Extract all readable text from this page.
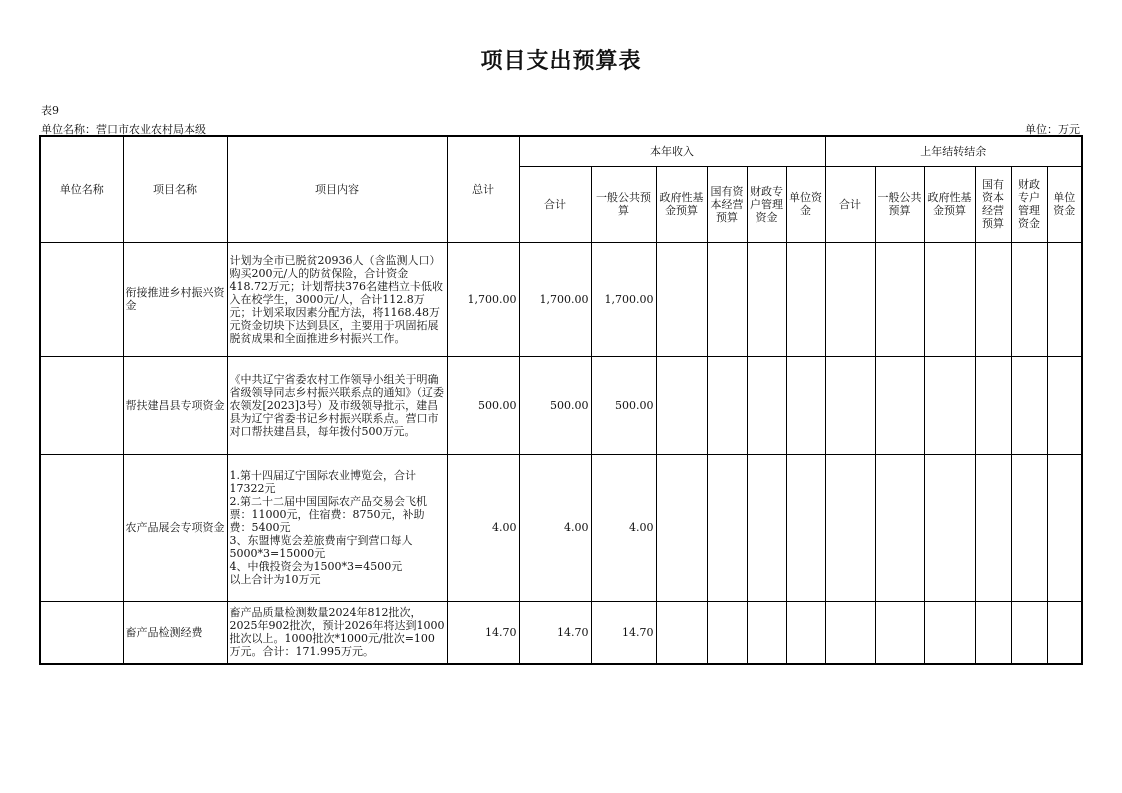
项目支出预算表
表9
单位名称：营口市农业农村局本级	单位：万元
单位名称	项目名称	项目内容	总计	本年收入						上年结转结余					
				合计	一般公共预算	政府性基金预算	国有资本经营预算	财政专户管理资金	单位资金	合计	一般公共预算	政府性基金预算	国有资本经营预算	财政专户管理资金	单位资金
	衔接推进乡村振兴资金	计划为全市已脱贫20936人（含监测人口）购买200元/人的防贫保险，合计资金418.72万元；计划帮扶376名建档立卡低收入在校学生，3000元/人，合计112.8万元；计划采取因素分配方法，将1168.48万元资金切块下达到县区，主要用于巩固拓展脱贫成果和全面推进乡村振兴工作。	1,700.00	1,700.00	1,700.00										
	帮扶建昌县专项资金	《中共辽宁省委农村工作领导小组关于明确省级领导同志乡村振兴联系点的通知》（辽委农领发[2023]3号）及市级领导批示，建昌县为辽宁省委书记乡村振兴联系点。营口市对口帮扶建昌县，每年拨付500万元。	500.00	500.00	500.00										
	农产品展会专项资金	1.第十四届辽宁国际农业博览会，合计17322元
2.第二十二届中国国际农产品交易会飞机票：11000元，住宿费：8750元，补助费：5400元
3、东盟博览会差旅费南宁到营口每人5000*3=15000元
4、中俄投资会为1500*3=4500元
以上合计为10万元	4.00	4.00	4.00										
	畜产品检测经费	畜产品质量检测数量2024年812批次，2025年902批次，预计2026年将达到1000批次以上。1000批次*1000元/批次=100万元。合计：171.995万元。	14.70	14.70	14.70										
